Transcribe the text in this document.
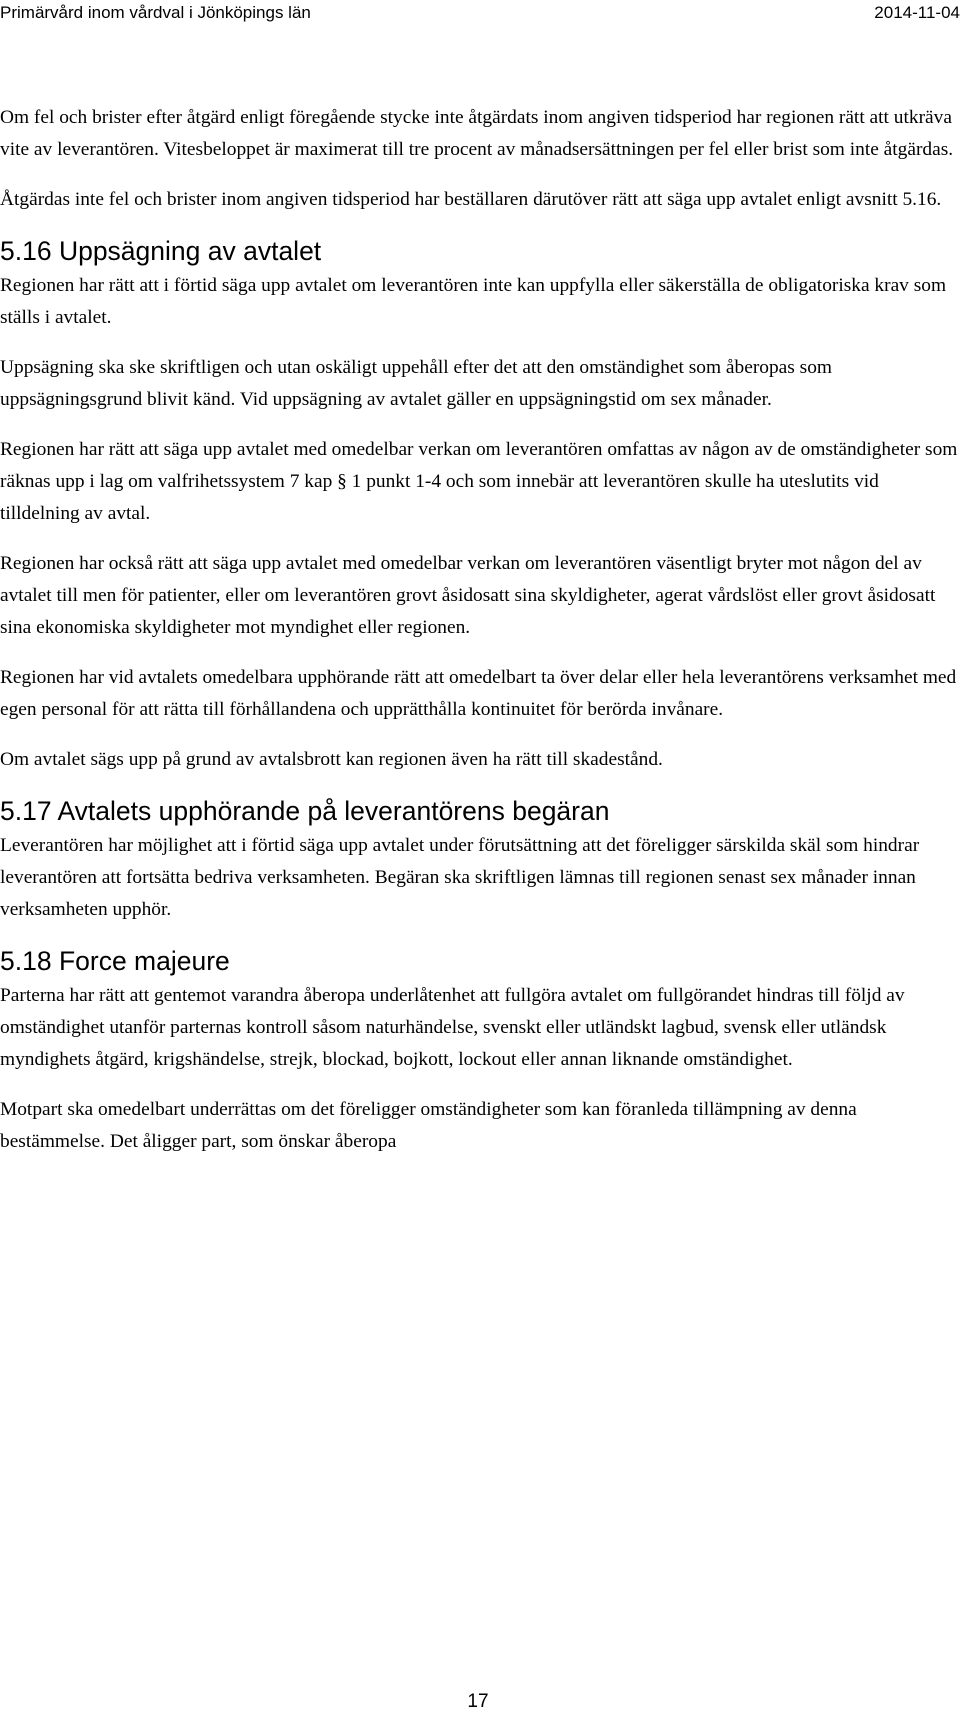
Primärvård inom vårdval i Jönköpings län	2014-11-04

Om fel och brister efter åtgärd enligt föregående stycke inte åtgärdats inom angiven tidsperiod har regionen rätt att utkräva vite av leverantören. Vitesbeloppet är maximerat till tre procent av månadsersättningen per fel eller brist som inte åtgärdas.

Åtgärdas inte fel och brister inom angiven tidsperiod har beställaren därutöver rätt att säga upp avtalet enligt avsnitt 5.16.

5.16 Uppsägning av avtalet

Regionen har rätt att i förtid säga upp avtalet om leverantören inte kan uppfylla eller säkerställa de obligatoriska krav som ställs i avtalet.

Uppsägning ska ske skriftligen och utan oskäligt uppehåll efter det att den omständighet som åberopas som uppsägningsgrund blivit känd. Vid uppsägning av avtalet gäller en uppsägningstid om sex månader.

Regionen har rätt att säga upp avtalet med omedelbar verkan om leverantören omfattas av någon av de omständigheter som räknas upp i lag om valfrihetssystem 7 kap § 1 punkt 1-4 och som innebär att leverantören skulle ha uteslutits vid tilldelning av avtal.

Regionen har också rätt att säga upp avtalet med omedelbar verkan om leverantören väsentligt bryter mot någon del av avtalet till men för patienter, eller om leverantören grovt åsidosatt sina skyldigheter, agerat vårdslöst eller grovt åsidosatt sina ekonomiska skyldigheter mot myndighet eller regionen.

Regionen har vid avtalets omedelbara upphörande rätt att omedelbart ta över delar eller hela leverantörens verksamhet med egen personal för att rätta till förhållandena och upprätthålla kontinuitet för berörda invånare.

Om avtalet sägs upp på grund av avtalsbrott kan regionen även ha rätt till skadestånd.

5.17 Avtalets upphörande på leverantörens begäran

Leverantören har möjlighet att i förtid säga upp avtalet under förutsättning att det föreligger särskilda skäl som hindrar leverantören att fortsätta bedriva verksamheten. Begäran ska skriftligen lämnas till regionen senast sex månader innan verksamheten upphör.

5.18 Force majeure

Parterna har rätt att gentemot varandra åberopa underlåtenhet att fullgöra avtalet om fullgörandet hindras till följd av omständighet utanför parternas kontroll såsom naturhändelse, svenskt eller utländskt lagbud, svensk eller utländsk myndighets åtgärd, krigshändelse, strejk, blockad, bojkott, lockout eller annan liknande omständighet.

Motpart ska omedelbart underrättas om det föreligger omständigheter som kan föranleda tillämpning av denna bestämmelse. Det åligger part, som önskar åberopa

17
